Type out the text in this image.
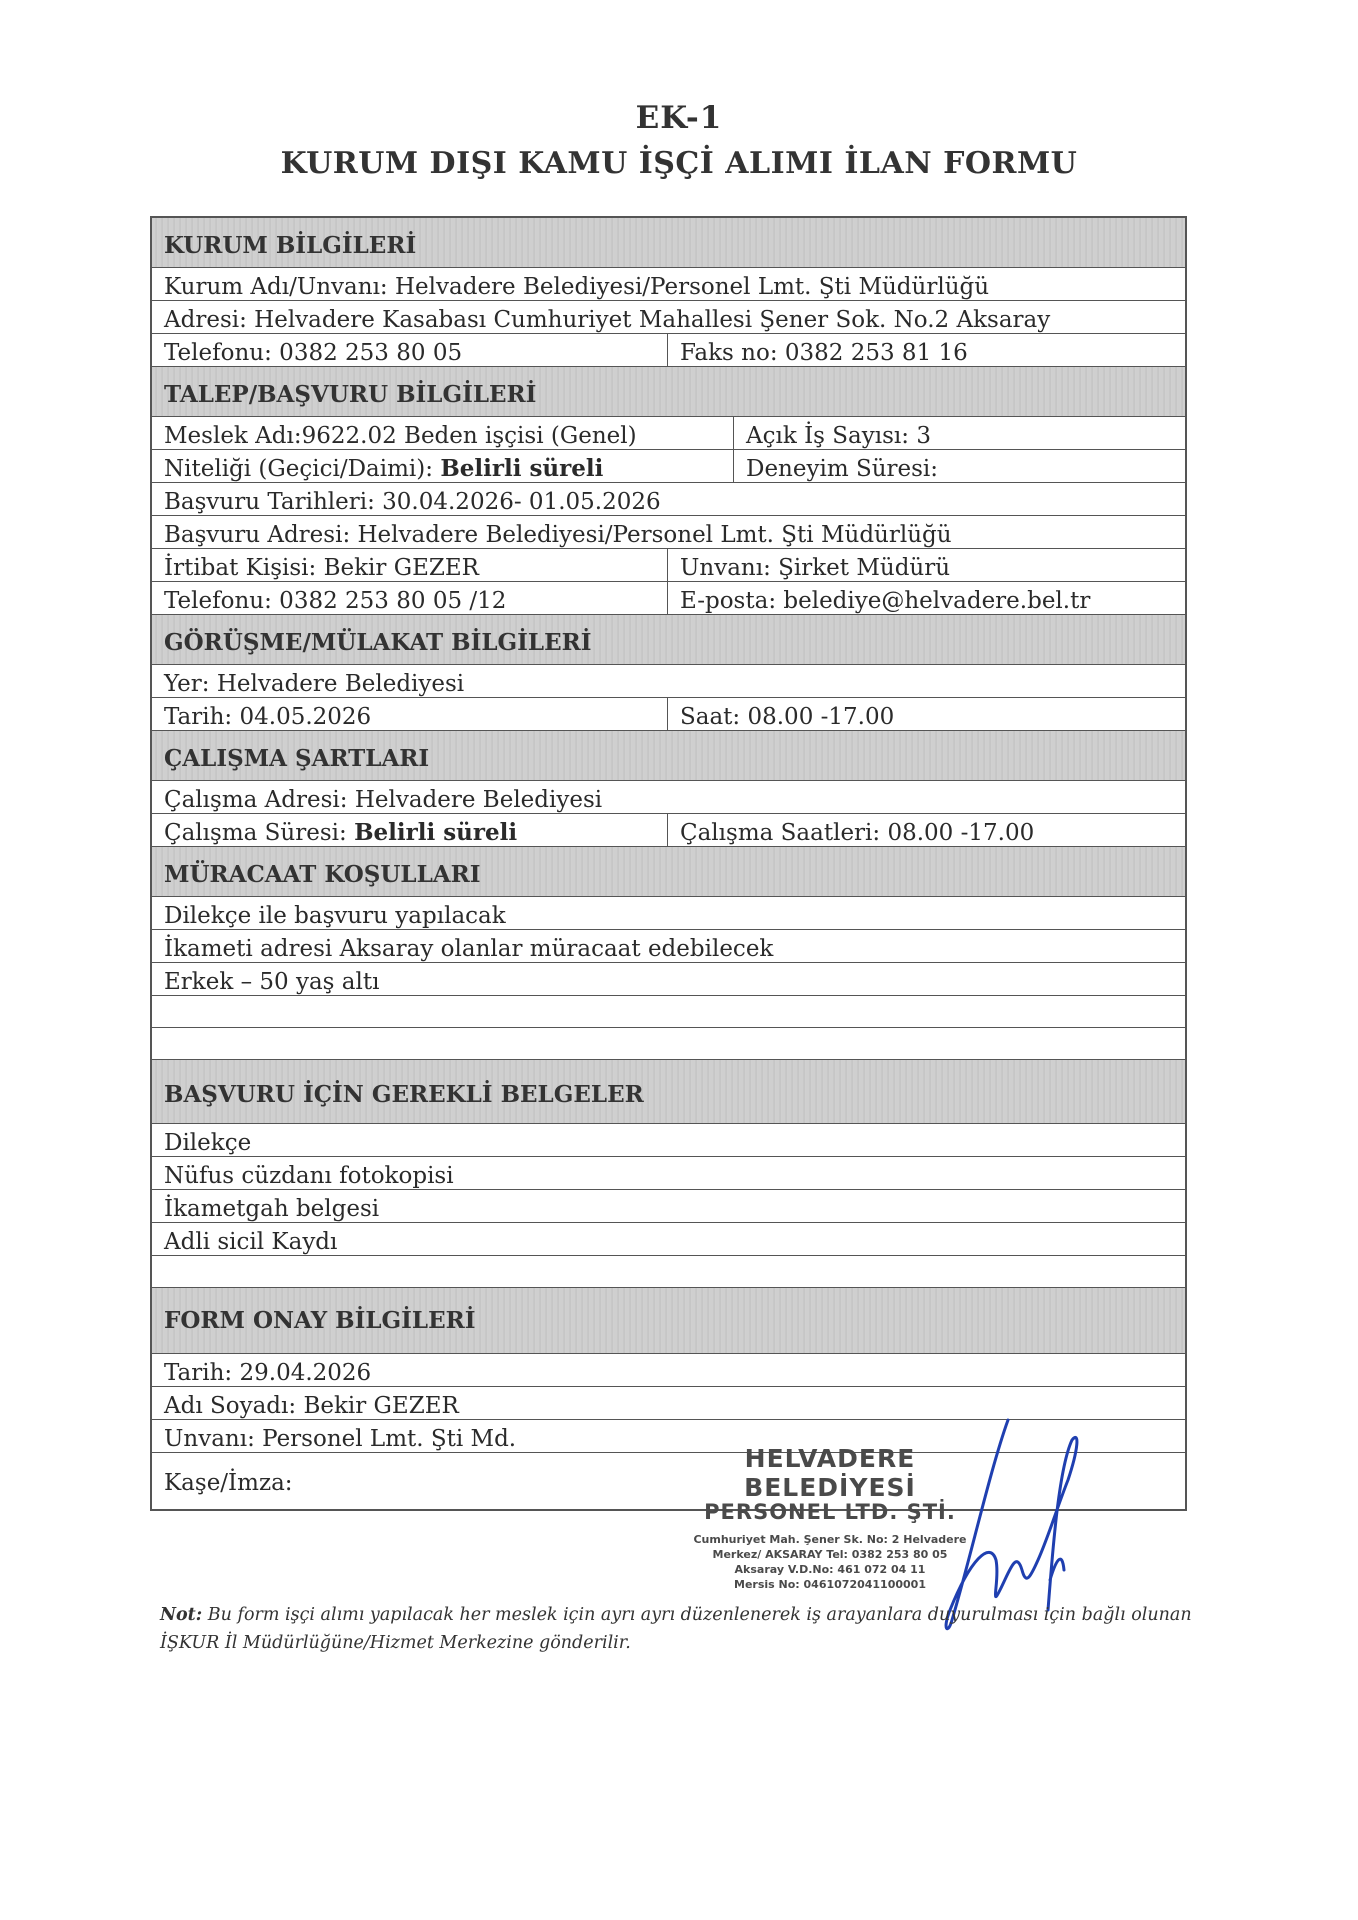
EK-1
KURUM DIŞI KAMU İŞÇİ ALIMI İLAN FORMU
KURUM BİLGİLERİ
Kurum Adı/Unvanı: Helvadere Belediyesi/Personel Lmt. Şti Müdürlüğü
Adresi: Helvadere Kasabası Cumhuriyet Mahallesi Şener Sok. No.2 Aksaray
Telefonu: 0382 253 80 05	Faks no: 0382 253 81 16
TALEP/BAŞVURU BİLGİLERİ
Meslek Adı:9622.02 Beden işçisi (Genel)	Açık İş Sayısı: 3
Niteliği (Geçici/Daimi): Belirli süreli	Deneyim Süresi:
Başvuru Tarihleri: 30.04.2026- 01.05.2026
Başvuru Adresi: Helvadere Belediyesi/Personel Lmt. Şti Müdürlüğü
İrtibat Kişisi: Bekir GEZER	Unvanı: Şirket Müdürü
Telefonu: 0382 253 80 05 /12	E-posta: belediye@helvadere.bel.tr
GÖRÜŞME/MÜLAKAT BİLGİLERİ
Yer: Helvadere Belediyesi
Tarih: 04.05.2026	Saat: 08.00 -17.00
ÇALIŞMA ŞARTLARI
Çalışma Adresi: Helvadere Belediyesi
Çalışma Süresi: Belirli süreli	Çalışma Saatleri: 08.00 -17.00
MÜRACAAT KOŞULLARI
Dilekçe ile başvuru yapılacak
İkameti adresi Aksaray olanlar müracaat edebilecek
Erkek – 50 yaş altı
BAŞVURU İÇİN GEREKLİ BELGELER
Dilekçe
Nüfus cüzdanı fotokopisi
İkametgah belgesi
Adli sicil Kaydı
FORM ONAY BİLGİLERİ
Tarih: 29.04.2026
Adı Soyadı: Bekir GEZER
Unvanı: Personel Lmt. Şti Md.
Kaşe/İmza:
HELVADERE BELEDİYESİ
PERSONEL LTD. ŞTİ.
Cumhuriyet Mah. Şener Sk. No: 2 Helvadere
Merkez/ AKSARAY Tel: 0382 253 80 05
Aksaray V.D.No: 461 072 04 11
Mersis No: 0461072041100001
Not: Bu form işçi alımı yapılacak her meslek için ayrı ayrı düzenlenerek iş arayanlara duyurulması için bağlı olunan İŞKUR İl Müdürlüğüne/Hizmet Merkezine gönderilir.
